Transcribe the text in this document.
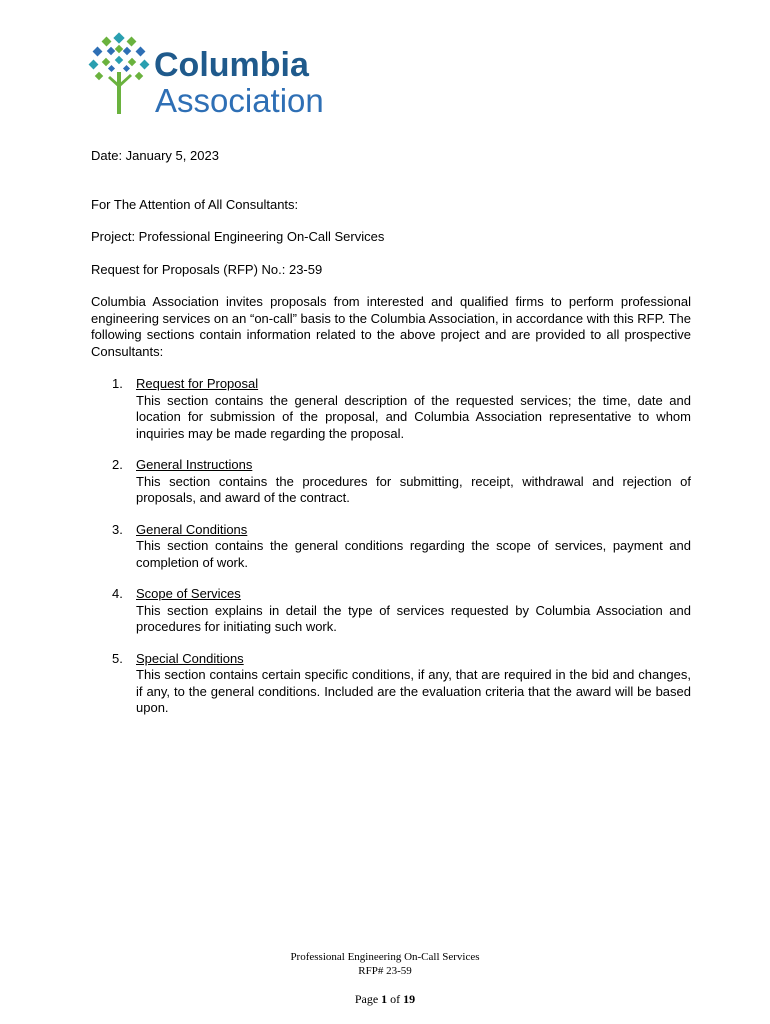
Columbia
Association
Date: January 5, 2023
For The Attention of All Consultants:
Project: Professional Engineering On-Call Services
Request for Proposals (RFP) No.: 23-59
Columbia Association invites proposals from interested and qualified firms to perform professional engineering services on an “on-call” basis to the Columbia Association, in accordance with this RFP. The following sections contain information related to the above project and are provided to all prospective Consultants:
1. Request for Proposal
This section contains the general description of the requested services; the time, date and location for submission of the proposal, and Columbia Association representative to whom inquiries may be made regarding the proposal.
2. General Instructions
This section contains the procedures for submitting, receipt, withdrawal and rejection of proposals, and award of the contract.
3. General Conditions
This section contains the general conditions regarding the scope of services, payment and completion of work.
4. Scope of Services
This section explains in detail the type of services requested by Columbia Association and procedures for initiating such work.
5. Special Conditions
This section contains certain specific conditions, if any, that are required in the bid and changes, if any, to the general conditions. Included are the evaluation criteria that the award will be based upon.
Professional Engineering On-Call Services
RFP# 23-59
Page 1 of 19
